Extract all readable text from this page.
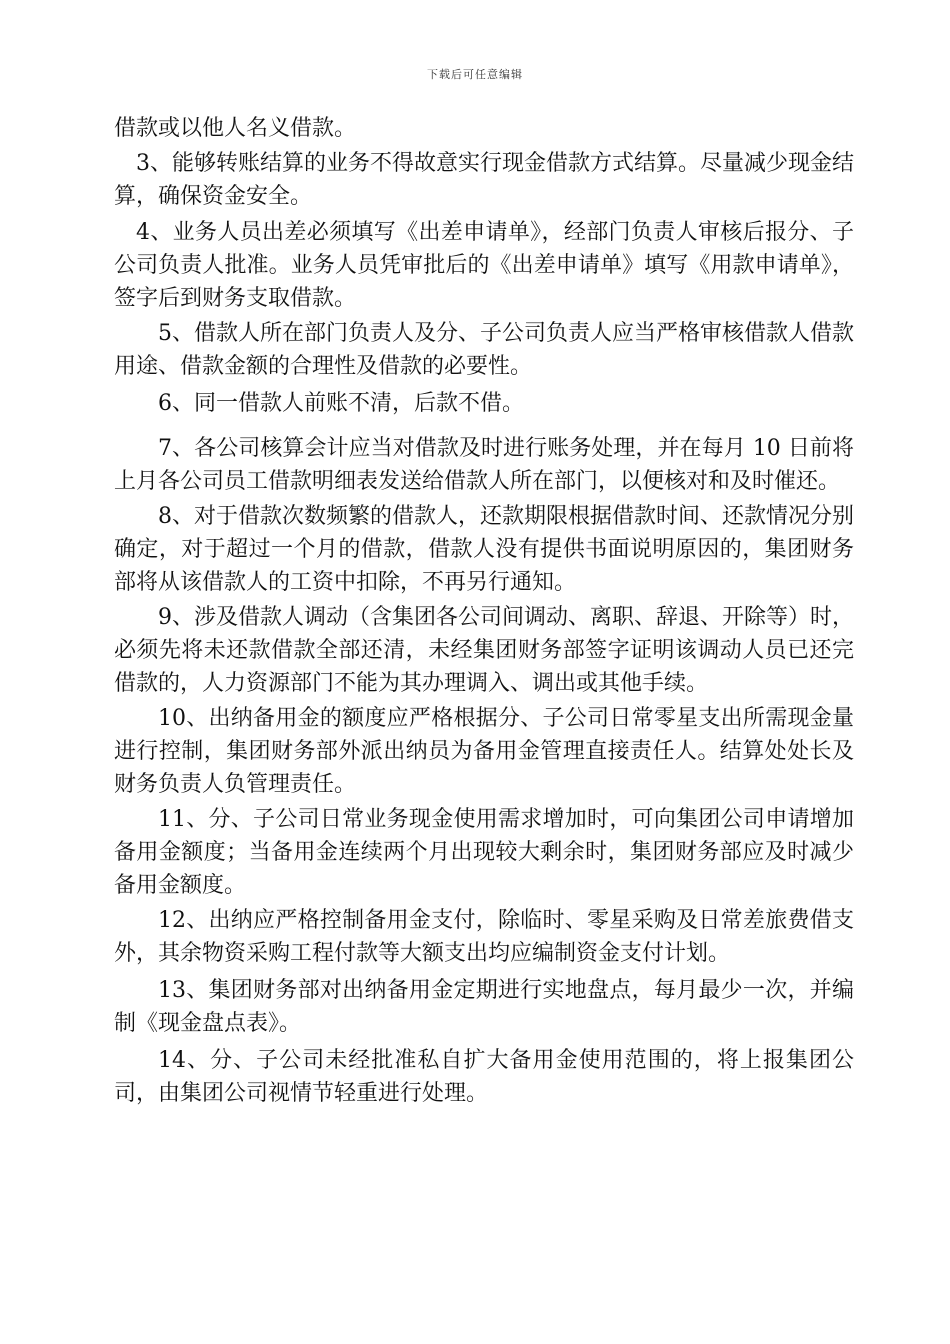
下载后可任意编辑

借款或以他人名义借款。

3、能够转账结算的业务不得故意实行现金借款方式结算。尽量减少现金结算，确保资金安全。

4、业务人员出差必须填写《出差申请单》，经部门负责人审核后报分、子公司负责人批准。业务人员凭审批后的《出差申请单》填写《用款申请单》，签字后到财务支取借款。

5、借款人所在部门负责人及分、子公司负责人应当严格审核借款人借款用途、借款金额的合理性及借款的必要性。

6、同一借款人前账不清，后款不借。

7、各公司核算会计应当对借款及时进行账务处理，并在每月 10 日前将上月各公司员工借款明细表发送给借款人所在部门，以便核对和及时催还。

8、对于借款次数频繁的借款人，还款期限根据借款时间、还款情况分别确定，对于超过一个月的借款，借款人没有提供书面说明原因的，集团财务部将从该借款人的工资中扣除，不再另行通知。

9、涉及借款人调动（含集团各公司间调动、离职、辞退、开除等）时，必须先将未还款借款全部还清，未经集团财务部签字证明该调动人员已还完借款的，人力资源部门不能为其办理调入、调出或其他手续。

10、出纳备用金的额度应严格根据分、子公司日常零星支出所需现金量进行控制，集团财务部外派出纳员为备用金管理直接责任人。结算处处长及财务负责人负管理责任。

11、分、子公司日常业务现金使用需求增加时，可向集团公司申请增加备用金额度；当备用金连续两个月出现较大剩余时，集团财务部应及时减少备用金额度。

12、出纳应严格控制备用金支付，除临时、零星采购及日常差旅费借支外，其余物资采购工程付款等大额支出均应编制资金支付计划。

13、集团财务部对出纳备用金定期进行实地盘点，每月最少一次，并编制《现金盘点表》。

14、分、子公司未经批准私自扩大备用金使用范围的，将上报集团公司，由集团公司视情节轻重进行处理。
